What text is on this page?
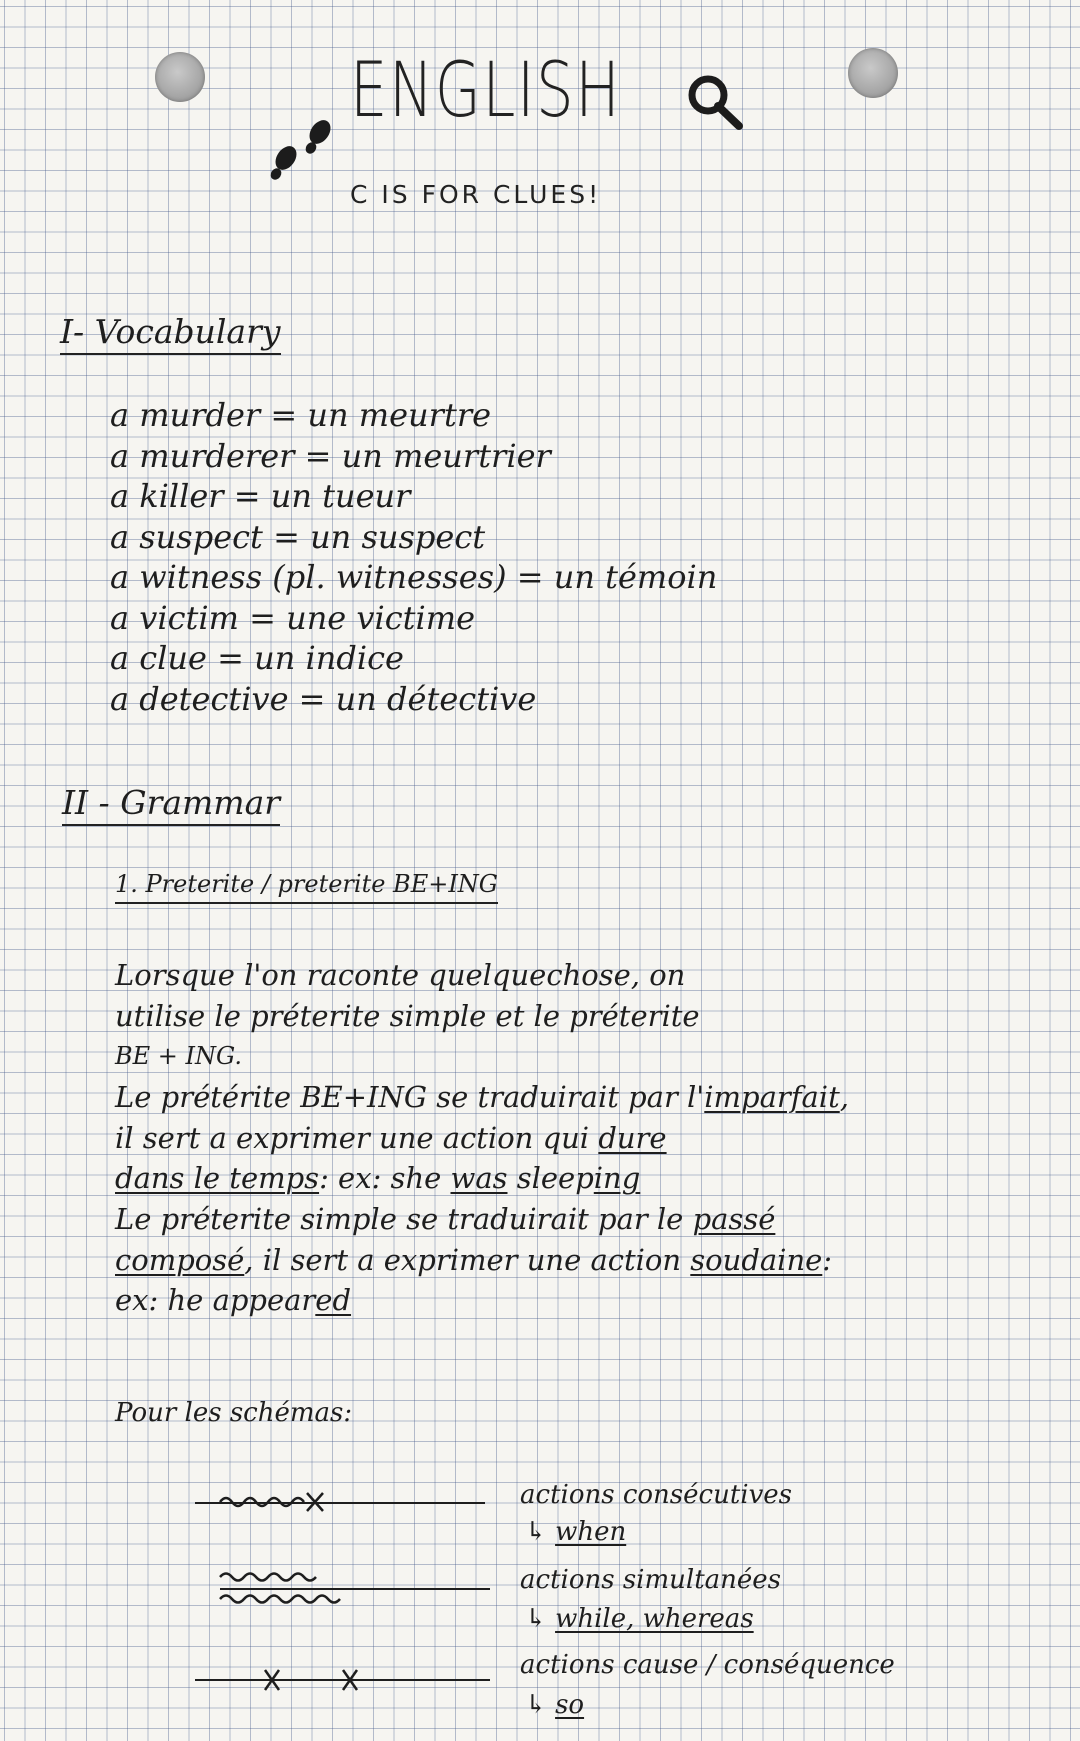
ENGLISH
C IS FOR CLUES!
I- Vocabulary
a murder = un meurtre
a murderer = un meurtrier
a killer = un tueur
a suspect = un suspect
a witness (pl. witnesses) = un témoin
a victim = une victime
a clue = un indice
a detective = un détective
II - Grammar
1. Preterite / preterite BE+ING
Lorsque l'on raconte quelquechose, on
utilise le préterite simple et le préterite
BE + ING.
Le prétérite BE+ING se traduirait par l'imparfait,
il sert a exprimer une action qui dure
dans le temps: ex: she was sleeping
Le préterite simple se traduirait par le passé
composé, il sert a exprimer une action soudaine:
ex: he appeared
Pour les schémas:
actions consécutives
↳ when
actions simultanées
↳ while, whereas
actions cause / conséquence
↳ so
